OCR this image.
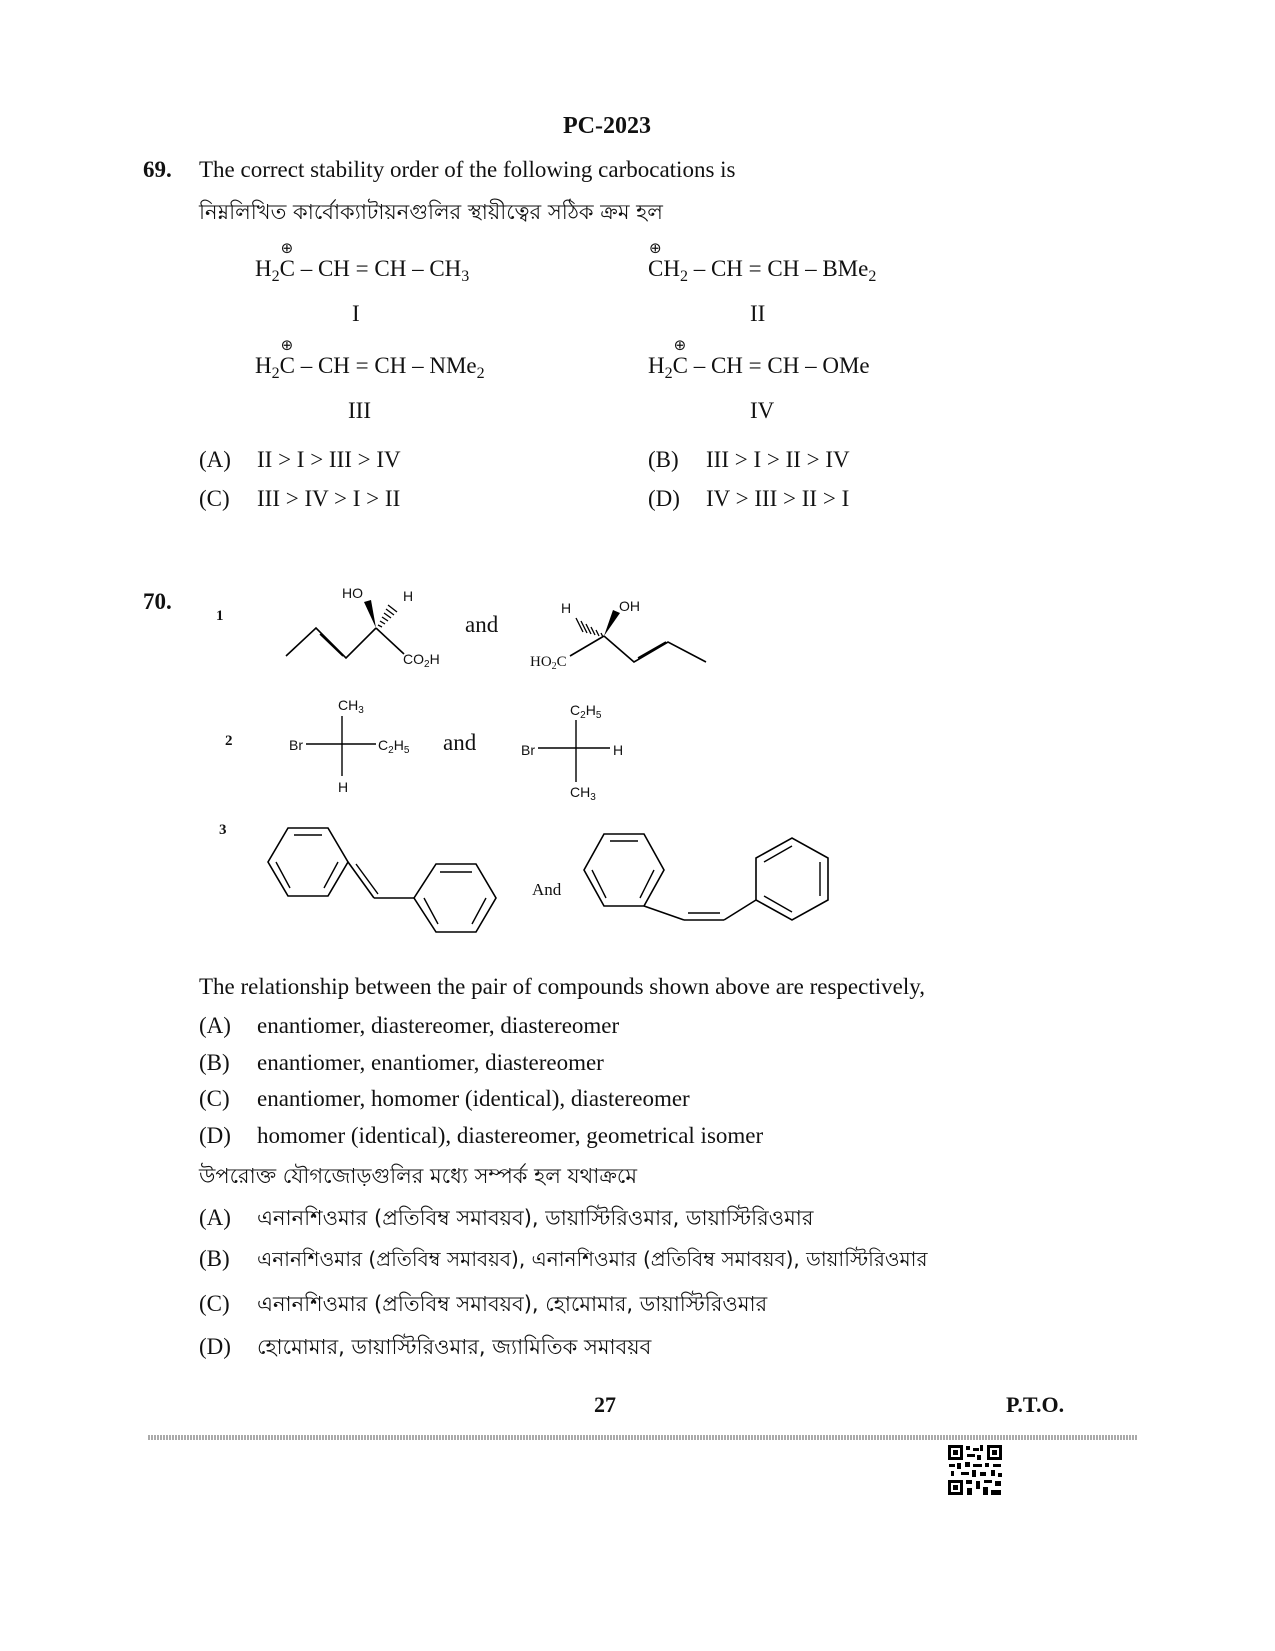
PC-2023
69. The correct stability order of the following carbocations is
নিম্নলিখিত কার্বোক্যাটায়নগুলির স্থায়ীত্বের সঠিক ক্রম হল
$H_2$
⊕
C – CH = CH – $CH_3$
⊕
$CH_2$ – CH = CH – BMe$_2$
I	II
$H_2$
⊕
C – CH = CH – NMe$_2$	$H_2$
⊕
C – CH = CH – OMe
III	IV
(A) II > I > III > IV	(B) III > I > II > IV
(C) III > IV > I > II	(D) IV > III > II > I
70.
1
2
3
HO	H
$CO_2H$
and
H	OH
$HO_2C$
$CH_3$
Br	$C_2H_5$
H
and
$C_2H_5$
Br	H
$CH_3$
And
The relationship between the pair of compounds shown above are respectively,
(A) enantiomer, diastereomer, diastereomer
(B) enantiomer, enantiomer, diastereomer
(C) enantiomer, homomer (identical), diastereomer
(D) homomer (identical), diastereomer, geometrical isomer
উপরোক্ত যৌগজোড়গুলির মধ্যে সম্পর্ক হল যথাক্রমে
(A) এনানশিওমার (প্রতিবিম্ব সমাবয়ব), ডায়াস্টিরিওমার, ডায়াস্টিরিওমার
(B) এনানশিওমার (প্রতিবিম্ব সমাবয়ব), এনানশিওমার (প্রতিবিম্ব সমাবয়ব), ডায়াস্টিরিওমার
(C) এনানশিওমার (প্রতিবিম্ব সমাবয়ব), হোমোমার, ডায়াস্টিরিওমার
(D) হোমোমার, ডায়াস্টিরিওমার, জ্যামিতিক সমাবয়ব
27	P.T.O.
